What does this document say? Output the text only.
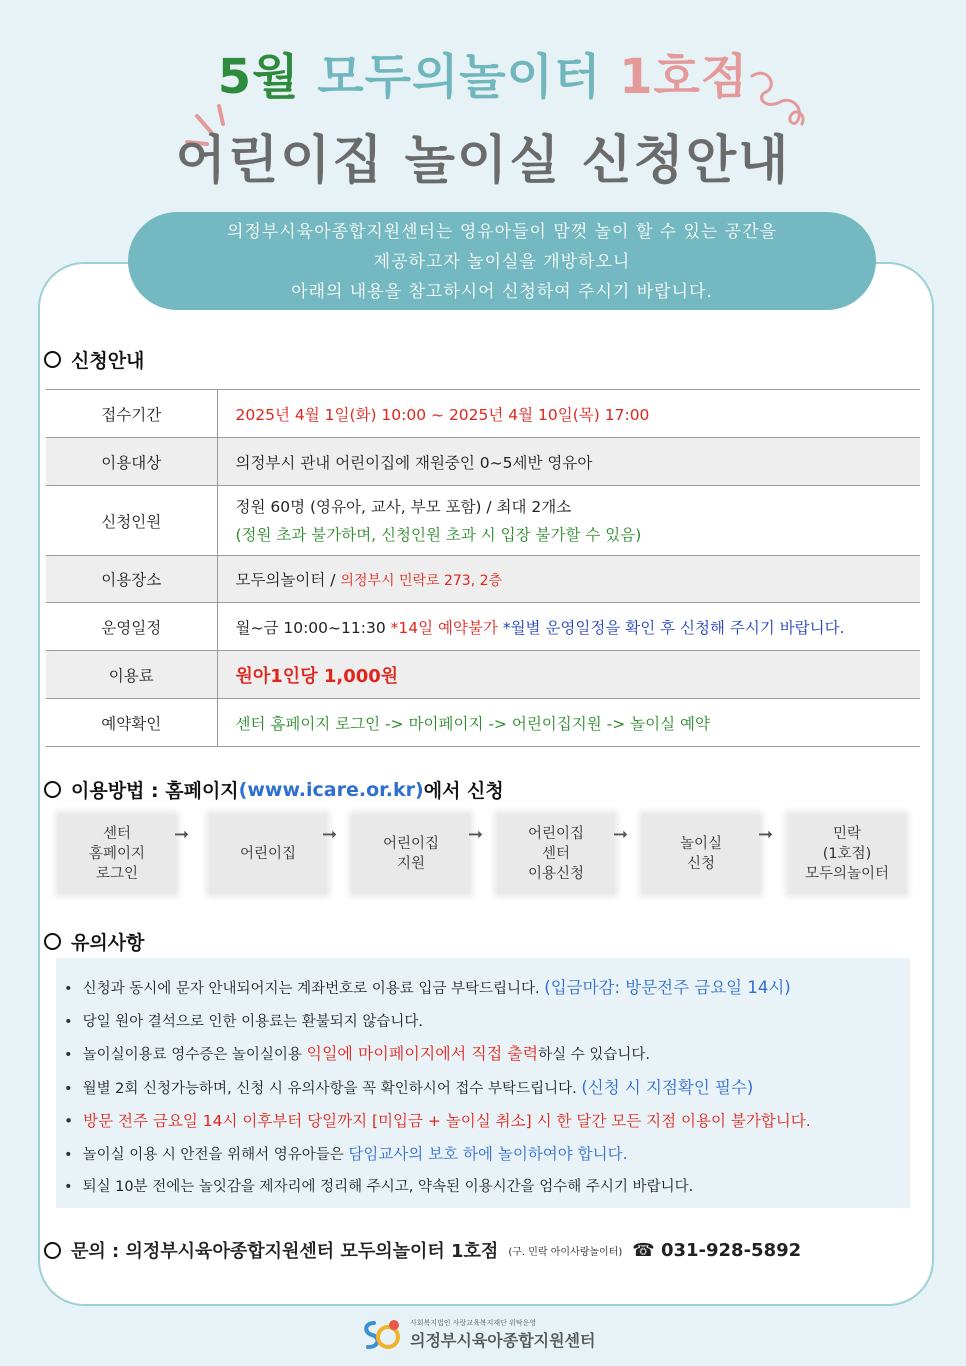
5월 모두의놀이터 1호점
어린이집 놀이실 신청안내
의정부시육아종합지원센터는 영유아들이 맘껏 놀이 할 수 있는 공간을
제공하고자 놀이실을 개방하오니
아래의 내용을 참고하시어 신청하여 주시기 바랍니다.
신청안내
접수기간	2025년 4월 1일(화) 10:00 ~ 2025년 4월 10일(목) 17:00
이용대상	의정부시 관내 어린이집에 재원중인 0~5세반 영유아
신청인원	정원 60명 (영유아, 교사, 부모 포함) / 최대 2개소
(정원 초과 불가하며, 신청인원 초과 시 입장 불가할 수 있음)

이용장소	모두의놀이터 / 의정부시 민락로 273, 2층
운영일정	월~금 10:00~11:30 *14일 예약불가 *월별 운영일정을 확인 후 신청해 주시기 바랍니다.
이용료	원아1인당 1,000원
예약확인	센터 홈페이지 로그인 -> 마이페이지 -> 어린이집지원 -> 놀이실 예약
이용방법 : 홈페이지 (www.icare.or.kr) 에서 신청
센터
홈페이지
로그인
➞
어린이집
➞	어린이집
지원
➞	어린이집
센터
이용신청
➞	놀이실
신청
➞	민락
(1호점)
모두의놀이터
유의사항
• 신청과 동시에 문자 안내되어지는 계좌번호로 이용료 입금 부탁드립니다. (입금마감: 방문전주 금요일 14시)
• 당일 원아 결석으로 인한 이용료는 환불되지 않습니다.
• 놀이실이용료 영수증은 놀이실이용 익일에 마이페이지에서 직접 출력하실 수 있습니다.
• 월별 2회 신청가능하며, 신청 시 유의사항을 꼭 확인하시어 접수 부탁드립니다. (신청 시 지점확인 필수)
• 방문 전주 금요일 14시 이후부터 당일까지 [미입금 + 놀이실 취소] 시 한 달간 모든 지점 이용이 불가합니다.
• 놀이실 이용 시 안전을 위해서 영유아들은 담임교사의 보호 하에 놀이하여야 합니다.
• 퇴실 10분 전에는 놀잇감을 제자리에 정리해 주시고, 약속된 이용시간을 엄수해 주시기 바랍니다.
문의 : 의정부시육아종합지원센터 모두의놀이터 1호점 (구. 민락 아이사랑놀이터) ☎ 031-928-5892
사회복지법인 사랑교육복지재단 위탁운영
의정부시육아종합지원센터
